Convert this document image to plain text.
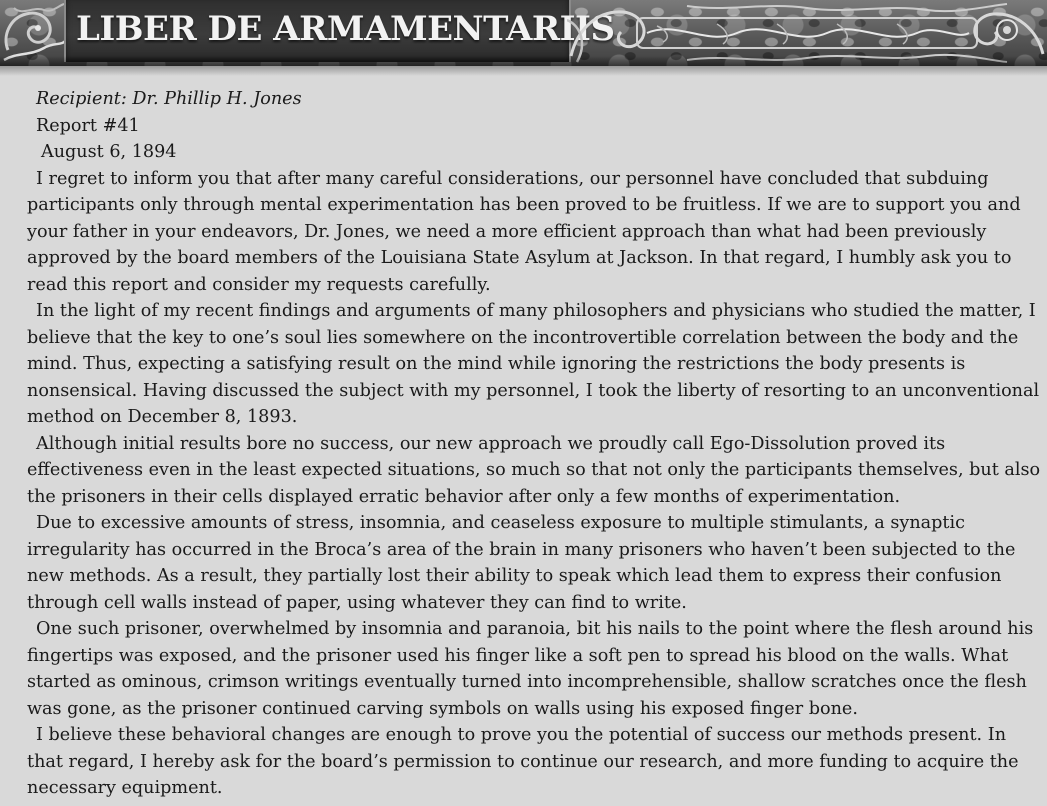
LIBER DE ARMAMENTARIIS

Recipient: Dr. Phillip H. Jones

Report #41

August 6, 1894

I regret to inform you that after many careful considerations, our personnel have concluded that subduing participants only through mental experimentation has been proved to be fruitless. If we are to support you and your father in your endeavors, Dr. Jones, we need a more efficient approach than what had been previously approved by the board members of the Louisiana State Asylum at Jackson. In that regard, I humbly ask you to read this report and consider my requests carefully.

In the light of my recent findings and arguments of many philosophers and physicians who studied the matter, I believe that the key to one’s soul lies somewhere on the incontrovertible correlation between the body and the mind. Thus, expecting a satisfying result on the mind while ignoring the restrictions the body presents is nonsensical. Having discussed the subject with my personnel, I took the liberty of resorting to an unconventional method on December 8, 1893.

Although initial results bore no success, our new approach we proudly call Ego-Dissolution proved its effectiveness even in the least expected situations, so much so that not only the participants themselves, but also the prisoners in their cells displayed erratic behavior after only a few months of experimentation.

Due to excessive amounts of stress, insomnia, and ceaseless exposure to multiple stimulants, a synaptic irregularity has occurred in the Broca’s area of the brain in many prisoners who haven’t been subjected to the new methods. As a result, they partially lost their ability to speak which lead them to express their confusion through cell walls instead of paper, using whatever they can find to write.

One such prisoner, overwhelmed by insomnia and paranoia, bit his nails to the point where the flesh around his fingertips was exposed, and the prisoner used his finger like a soft pen to spread his blood on the walls. What started as ominous, crimson writings eventually turned into incomprehensible, shallow scratches once the flesh was gone, as the prisoner continued carving symbols on walls using his exposed finger bone.

I believe these behavioral changes are enough to prove you the potential of success our methods present. In that regard, I hereby ask for the board’s permission to continue our research, and more funding to acquire the necessary equipment.
